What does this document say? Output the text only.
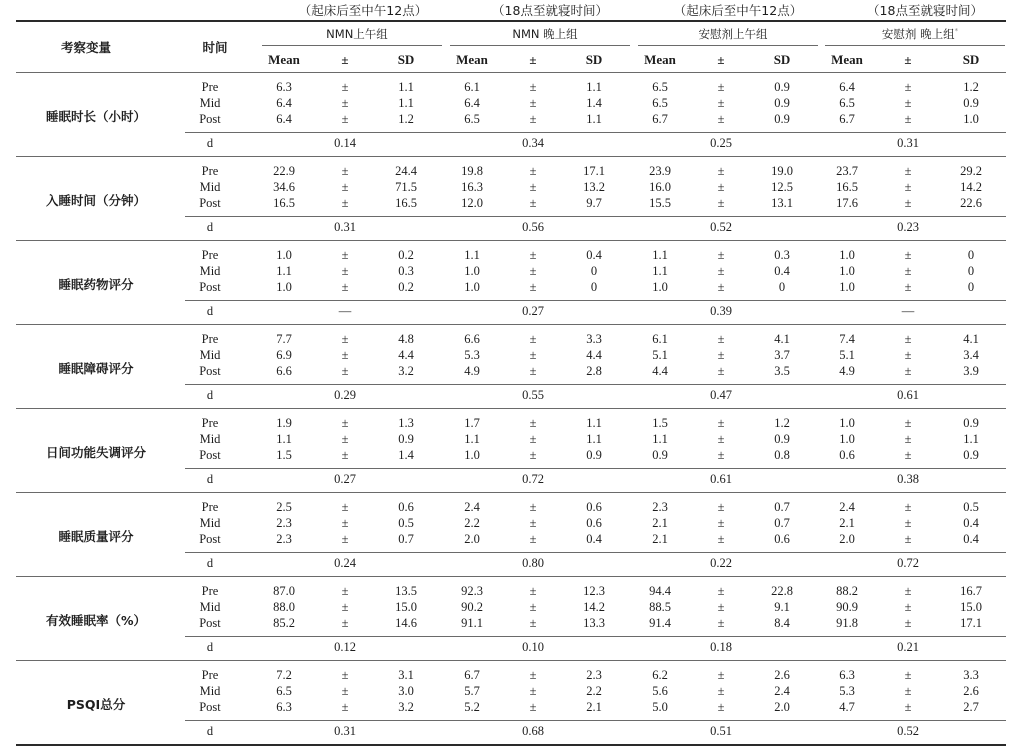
（起床后至中午12点）	（18点至就寝时间）	（起床后至中午12点）	（18点至就寝时间）
考察变量	时间
NMN上午组	NMN 晚上组	安慰剂上午组	安慰剂 晚上组*
Mean	±	SD	Mean	±	SD	Mean	±	SD	Mean	±	SD
睡眠时长（小时）
Pre	6.3	±	1.1	6.1	±	1.1	6.5	±	0.9	6.4	±	1.2
Mid	6.4	±	1.1	6.4	±	1.4	6.5	±	0.9	6.5	±	0.9
Post	6.4	±	1.2	6.5	±	1.1	6.7	±	0.9	6.7	±	1.0
d	0.14	0.34	0.25	0.31
入睡时间（分钟）
Pre	22.9	±	24.4	19.8	±	17.1	23.9	±	19.0	23.7	±	29.2
Mid	34.6	±	71.5	16.3	±	13.2	16.0	±	12.5	16.5	±	14.2
Post	16.5	±	16.5	12.0	±	9.7	15.5	±	13.1	17.6	±	22.6
d	0.31	0.56	0.52	0.23
睡眠药物评分
Pre	1.0	±	0.2	1.1	±	0.4	1.1	±	0.3	1.0	±	0
Mid	1.1	±	0.3	1.0	±	0	1.1	±	0.4	1.0	±	0
Post	1.0	±	0.2	1.0	±	0	1.0	±	0	1.0	±	0
d	—	0.27	0.39	—
睡眠障碍评分
Pre	7.7	±	4.8	6.6	±	3.3	6.1	±	4.1	7.4	±	4.1
Mid	6.9	±	4.4	5.3	±	4.4	5.1	±	3.7	5.1	±	3.4
Post	6.6	±	3.2	4.9	±	2.8	4.4	±	3.5	4.9	±	3.9
d	0.29	0.55	0.47	0.61
日间功能失调评分
Pre	1.9	±	1.3	1.7	±	1.1	1.5	±	1.2	1.0	±	0.9
Mid	1.1	±	0.9	1.1	±	1.1	1.1	±	0.9	1.0	±	1.1
Post	1.5	±	1.4	1.0	±	0.9	0.9	±	0.8	0.6	±	0.9
d	0.27	0.72	0.61	0.38
睡眠质量评分
Pre	2.5	±	0.6	2.4	±	0.6	2.3	±	0.7	2.4	±	0.5
Mid	2.3	±	0.5	2.2	±	0.6	2.1	±	0.7	2.1	±	0.4
Post	2.3	±	0.7	2.0	±	0.4	2.1	±	0.6	2.0	±	0.4
d	0.24	0.80	0.22	0.72
有效睡眠率（%）
Pre	87.0	±	13.5	92.3	±	12.3	94.4	±	22.8	88.2	±	16.7
Mid	88.0	±	15.0	90.2	±	14.2	88.5	±	9.1	90.9	±	15.0
Post	85.2	±	14.6	91.1	±	13.3	91.4	±	8.4	91.8	±	17.1
d	0.12	0.10	0.18	0.21
PSQI总分
Pre	7.2	±	3.1	6.7	±	2.3	6.2	±	2.6	6.3	±	3.3
Mid	6.5	±	3.0	5.7	±	2.2	5.6	±	2.4	5.3	±	2.6
Post	6.3	±	3.2	5.2	±	2.1	5.0	±	2.0	4.7	±	2.7
d	0.31	0.68	0.51	0.52
